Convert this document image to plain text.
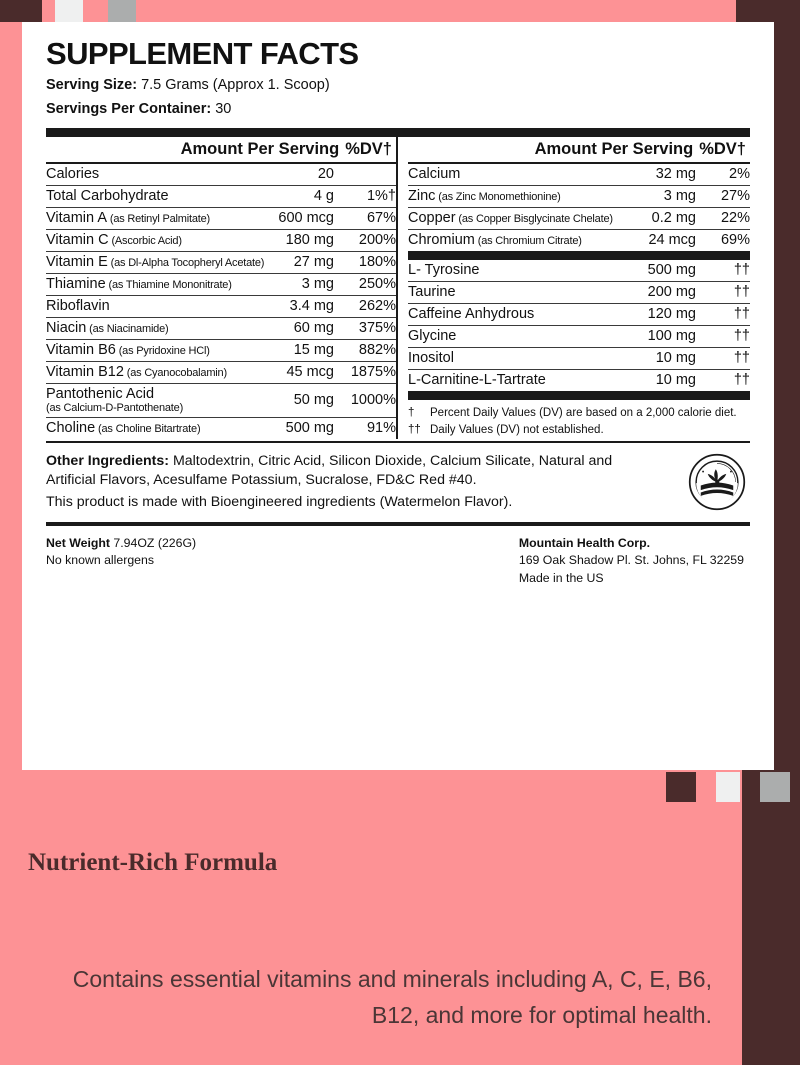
SUPPLEMENT FACTS
Serving Size: 7.5 Grams (Approx 1. Scoop)
Servings Per Container: 30
Amount Per Serving %DV†
Calories	20	
Total Carbohydrate	4 g	1%†
Vitamin A (as Retinyl Palmitate)	600 mcg	67%
Vitamin C (Ascorbic Acid)	180 mg	200%
Vitamin E (as Dl-Alpha Tocopheryl Acetate)	27 mg	180%
Thiamine (as Thiamine Mononitrate)	3 mg	250%
Riboflavin	3.4 mg	262%
Niacin (as Niacinamide)	60 mg	375%
Vitamin B6 (as Pyridoxine HCl)	15 mg	882%
Vitamin B12 (as Cyanocobalamin)	45 mcg	1875%
Pantothenic Acid
(as Calcium-D-Pantothenate)	50 mg	1000%
Choline (as Choline Bitartrate)	500 mg	91%
Amount Per Serving %DV†
Calcium	32 mg	2%
Zinc (as Zinc Monomethionine)	3 mg	27%
Copper (as Copper Bisglycinate Chelate)	0.2 mg	22%
Chromium (as Chromium Citrate)	24 mcg	69%
L- Tyrosine	500 mg	††
Taurine	200 mg	††
Caffeine Anhydrous	120 mg	††
Glycine	100 mg	††
Inositol	10 mg	††
L-Carnitine-L-Tartrate	10 mg	††
†	Percent Daily Values (DV) are based on a 2,000 calorie diet.
†† Daily Values (DV) not established.
Other Ingredients: Maltodextrin, Citric Acid, Silicon Dioxide, Calcium Silicate, Natural and Artificial Flavors, Acesulfame Potassium, Sucralose, FD&C Red #40.
This product is made with Bioengineered ingredients (Watermelon Flavor).
Net Weight 7.94OZ (226G)
No known allergens
Mountain Health Corp.
169 Oak Shadow Pl. St. Johns, FL 32259
Made in the US
Nutrient-Rich Formula
Contains essential vitamins and minerals including A, C, E, B6, B12, and more for optimal health.
